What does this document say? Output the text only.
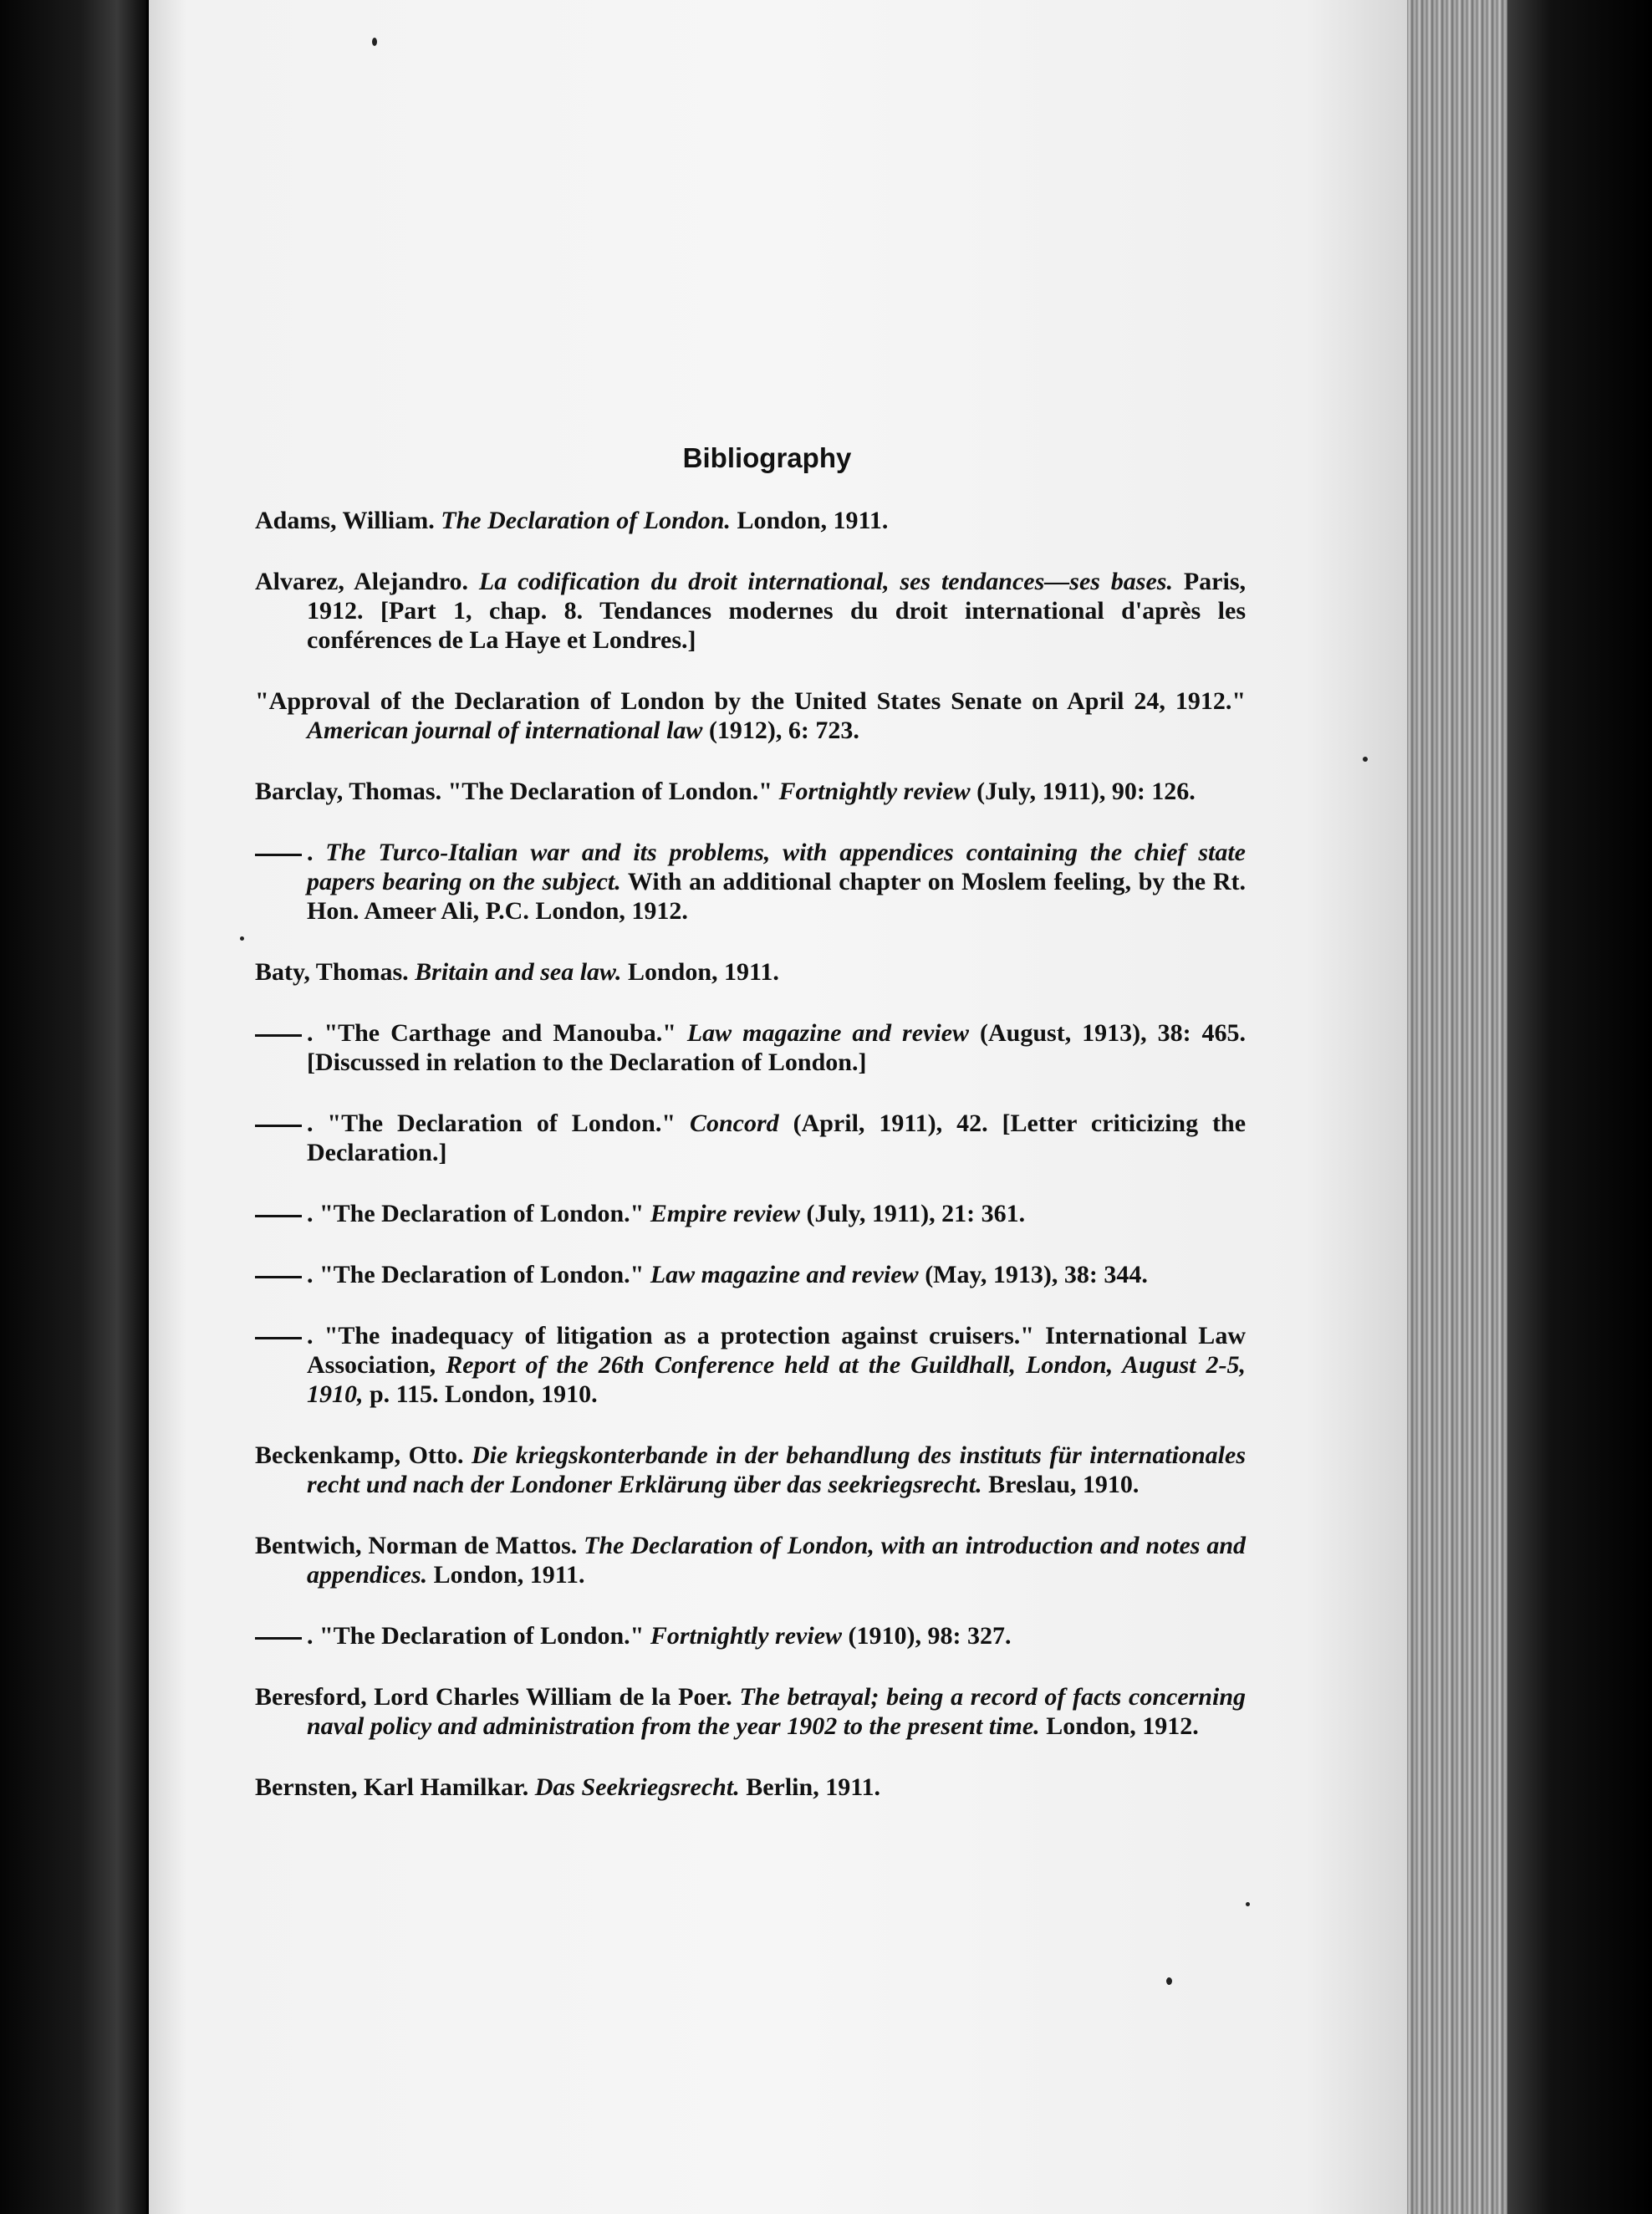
Bibliography
Adams, William. The Declaration of London. London, 1911.
Alvarez, Alejandro. La codification du droit international, ses tendances—ses bases. Paris, 1912. [Part 1, chap. 8. Tendances modernes du droit international d'après les conférences de La Haye et Londres.]
"Approval of the Declaration of London by the United States Senate on April 24, 1912." American journal of international law (1912), 6: 723.
Barclay, Thomas. "The Declaration of London." Fortnightly review (July, 1911), 90: 126.
. The Turco-Italian war and its problems, with appendices containing the chief state papers bearing on the subject. With an additional chapter on Moslem feeling, by the Rt. Hon. Ameer Ali, P.C. London, 1912.
Baty, Thomas. Britain and sea law. London, 1911.
. "The Carthage and Manouba." Law magazine and review (August, 1913), 38: 465. [Discussed in relation to the Declaration of London.]
. "The Declaration of London." Concord (April, 1911), 42. [Letter criticizing the Declaration.]
. "The Declaration of London." Empire review (July, 1911), 21: 361.
. "The Declaration of London." Law magazine and review (May, 1913), 38: 344.
. "The inadequacy of litigation as a protection against cruisers." International Law Association, Report of the 26th Conference held at the Guildhall, London, August 2-5, 1910, p. 115. London, 1910.
Beckenkamp, Otto. Die kriegskonterbande in der behandlung des instituts für internationales recht und nach der Londoner Erklärung über das seekriegsrecht. Breslau, 1910.
Bentwich, Norman de Mattos. The Declaration of London, with an introduction and notes and appendices. London, 1911.
. "The Declaration of London." Fortnightly review (1910), 98: 327.
Beresford, Lord Charles William de la Poer. The betrayal; being a record of facts concerning naval policy and administration from the year 1902 to the present time. London, 1912.
Bernsten, Karl Hamilkar. Das Seekriegsrecht. Berlin, 1911.
